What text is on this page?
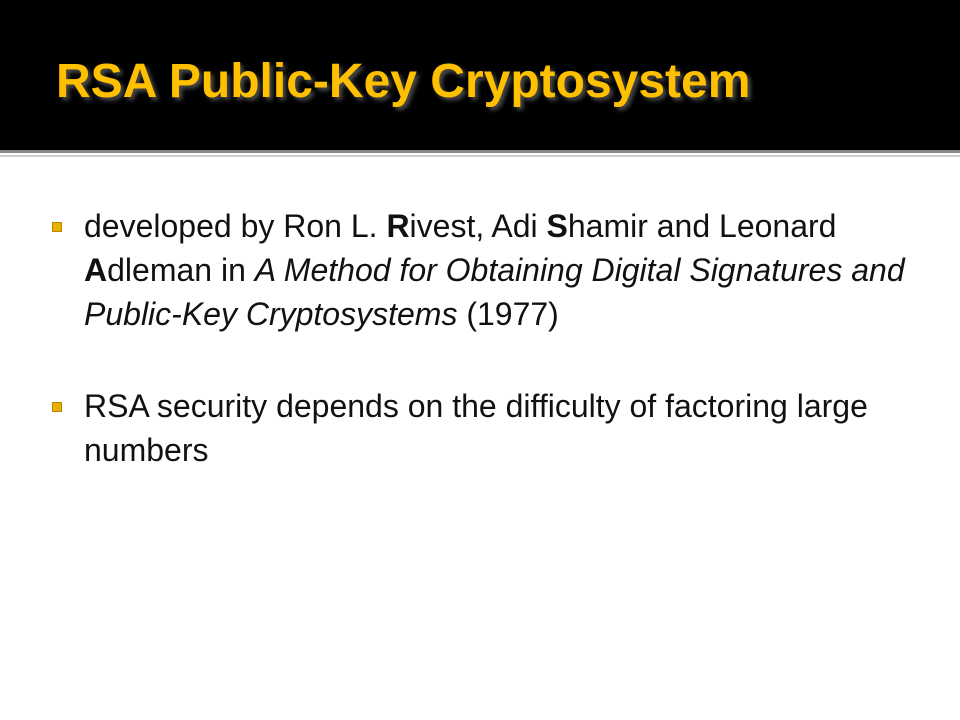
RSA Public-Key Cryptosystem
developed by Ron L. Rivest, Adi Shamir and Leonard Adleman in A Method for Obtaining Digital Signatures and Public-Key Cryptosystems (1977)
RSA security depends on the difficulty of factoring large numbers
